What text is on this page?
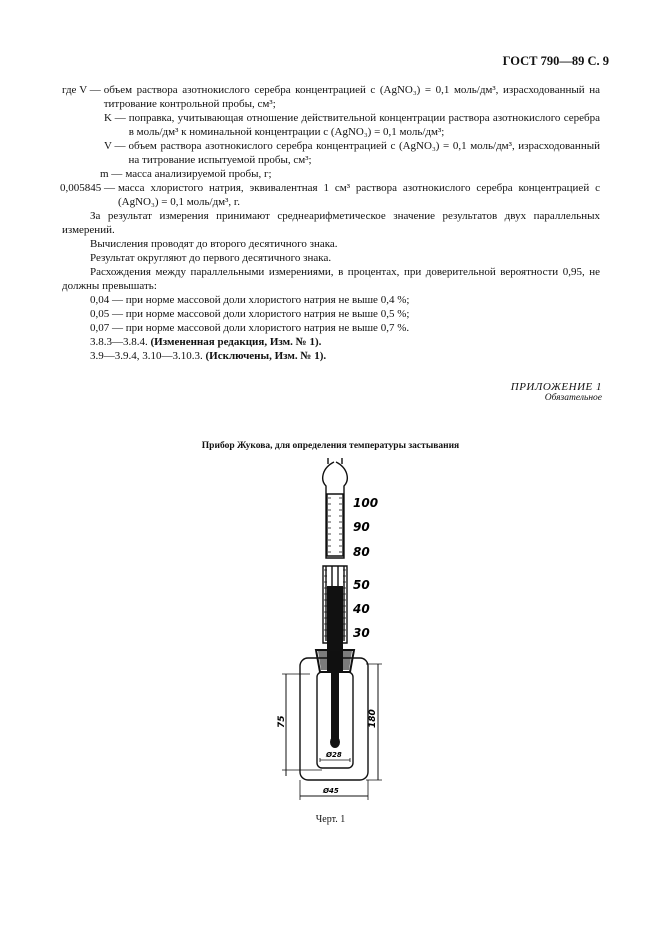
ГОСТ 790—89 С. 9
где V — объем раствора азотнокислого серебра концентрацией c (AgNO₃) = 0,1 моль/дм³, израсходованный на титрование контрольной пробы, см³;
K — поправка, учитывающая отношение действительной концентрации раствора азотнокислого серебра в моль/дм³ к номинальной концентрации c (AgNO₃) = 0,1 моль/дм³;
V — объем раствора азотнокислого серебра концентрацией c (AgNO₃) = 0,1 моль/дм³, израсходованный на титрование испытуемой пробы, см³;
m — масса анализируемой пробы, г;
0,005845 — масса хлористого натрия, эквивалентная 1 см³ раствора азотнокислого серебра концентрацией c (AgNO₃) = 0,1 моль/дм³, г.
За результат измерения принимают среднеарифметическое значение результатов двух параллельных измерений.
Вычисления проводят до второго десятичного знака.
Результат округляют до первого десятичного знака.
Расхождения между параллельными измерениями, в процентах, при доверительной вероятности 0,95, не должны превышать:
0,04 — при норме массовой доли хлористого натрия не выше 0,4 %;
0,05 — при норме массовой доли хлористого натрия не выше 0,5 %;
0,07 — при норме массовой доли хлористого натрия не выше 0,7 %.
3.8.3—3.8.4. (Измененная редакция, Изм. № 1).
3.9—3.9.4, 3.10—3.10.3. (Исключены, Изм. № 1).
ПРИЛОЖЕНИЕ 1
Обязательное
Прибор Жукова, для определения температуры застывания
100
90
80
50
40
30
75	180
Ø28
Ø45
Черт. 1
